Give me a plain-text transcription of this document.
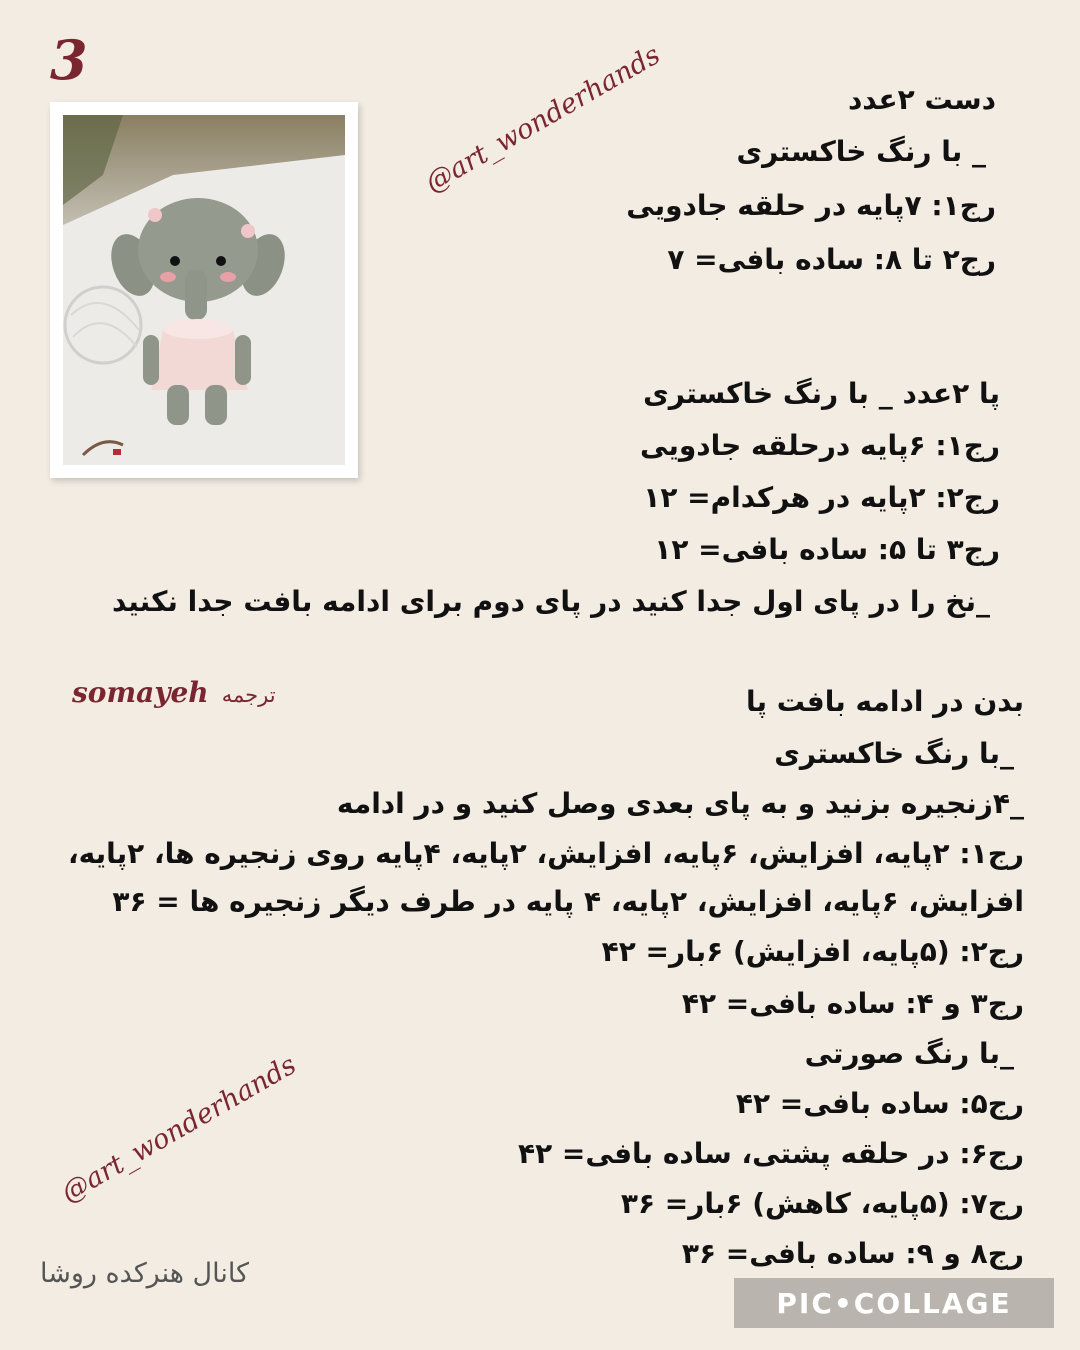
3	@art_wonderhands
@art_wonderhands
somayeh ترجمه
دست ۲عدد
_ با رنگ خاکستری
رج۱: ۷پایه در حلقه جادویی
رج۲ تا ۸: ساده بافی= ۷
پا ۲عدد _ با رنگ خاکستری
رج۱: ۶پایه درحلقه جادویی
رج۲: ۲پایه در هرکدام= ۱۲
رج۳ تا ۵: ساده بافی= ۱۲
_نخ را در پای اول جدا کنید در پای دوم برای ادامه بافت جدا نکنید
بدن در ادامه بافت پا
_با رنگ خاکستری
_۴زنجیره بزنید و به پای بعدی وصل کنید و در ادامه
رج۱: ۲پایه، افزایش، ۶پایه، افزایش، ۲پایه، ۴پایه روی زنجیره ها، ۲پایه،
افزایش، ۶پایه، افزایش، ۲پایه، ۴ پایه در طرف دیگر زنجیره ها = ۳۶
رج۲: (۵پایه، افزایش) ۶بار= ۴۲
رج۳ و ۴: ساده بافی= ۴۲
_با رنگ صورتی
رج۵: ساده بافی= ۴۲
رج۶: در حلقه پشتی، ساده بافی= ۴۲
رج۷: (۵پایه، کاهش) ۶بار= ۳۶
رج۸ و ۹: ساده بافی= ۳۶
کانال هنرکده روشا
PIC•COLLAGE
